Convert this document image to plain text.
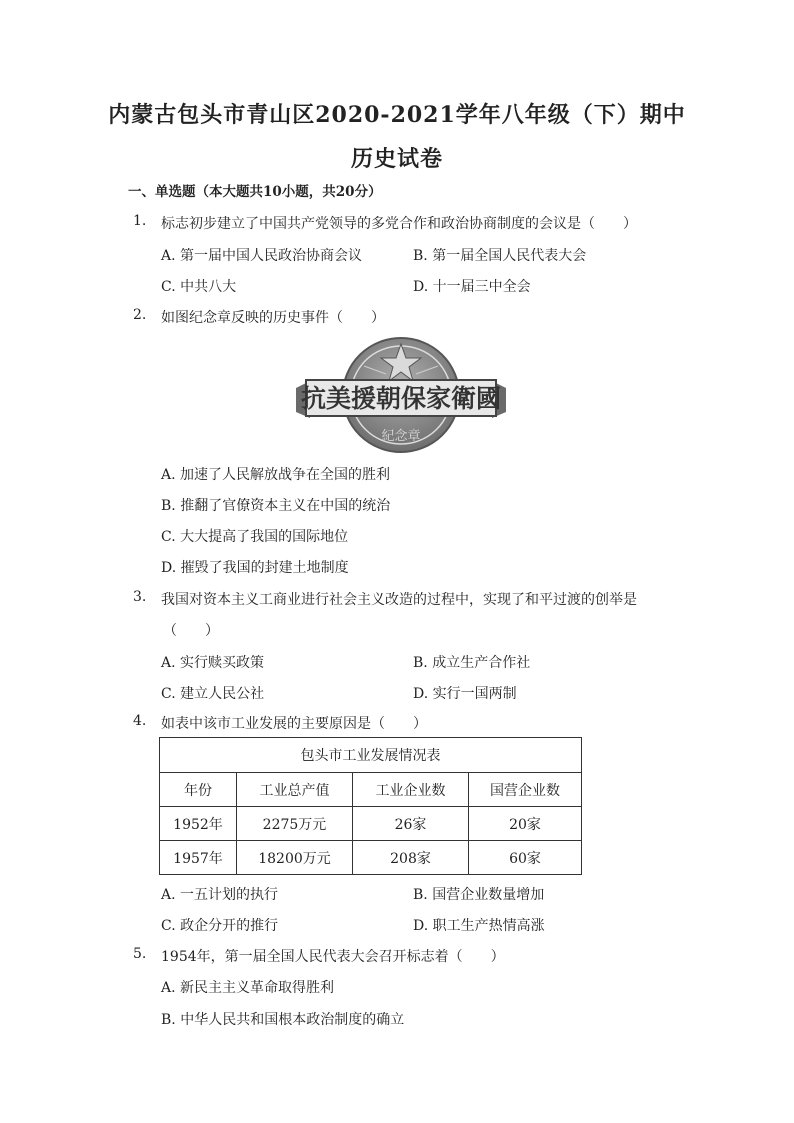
内蒙古包头市青山区2020-2021学年八年级（下）期中
历史试卷
一、单选题（本大题共10小题，共20分）
1. 标志初步建立了中国共产党领导的多党合作和政治协商制度的会议是（　　）
A. 第一届中国人民政治协商会议	B. 第一届全国人民代表大会
C. 中共八大	D. 十一届三中全会
2. 如图纪念章反映的历史事件（　　）
抗美援朝保家衛國
紀念章
A. 加速了人民解放战争在全国的胜利
B. 推翻了官僚资本主义在中国的统治
C. 大大提高了我国的国际地位
D. 摧毁了我国的封建土地制度
3. 我国对资本主义工商业进行社会主义改造的过程中，实现了和平过渡的创举是
（　　）
A. 实行赎买政策	B. 成立生产合作社
C. 建立人民公社	D. 实行一国两制
4. 如表中该市工业发展的主要原因是（　　）
包头市工业发展情况表			
年份	工业总产值	工业企业数	国营企业数
1952年	2275万元	26家	20家
1957年	18200万元	208家	60家
A. 一五计划的执行	B. 国营企业数量增加
C. 政企分开的推行	D. 职工生产热情高涨
5. 1954年，第一届全国人民代表大会召开标志着（　　）
A. 新民主主义革命取得胜利
B. 中华人民共和国根本政治制度的确立
